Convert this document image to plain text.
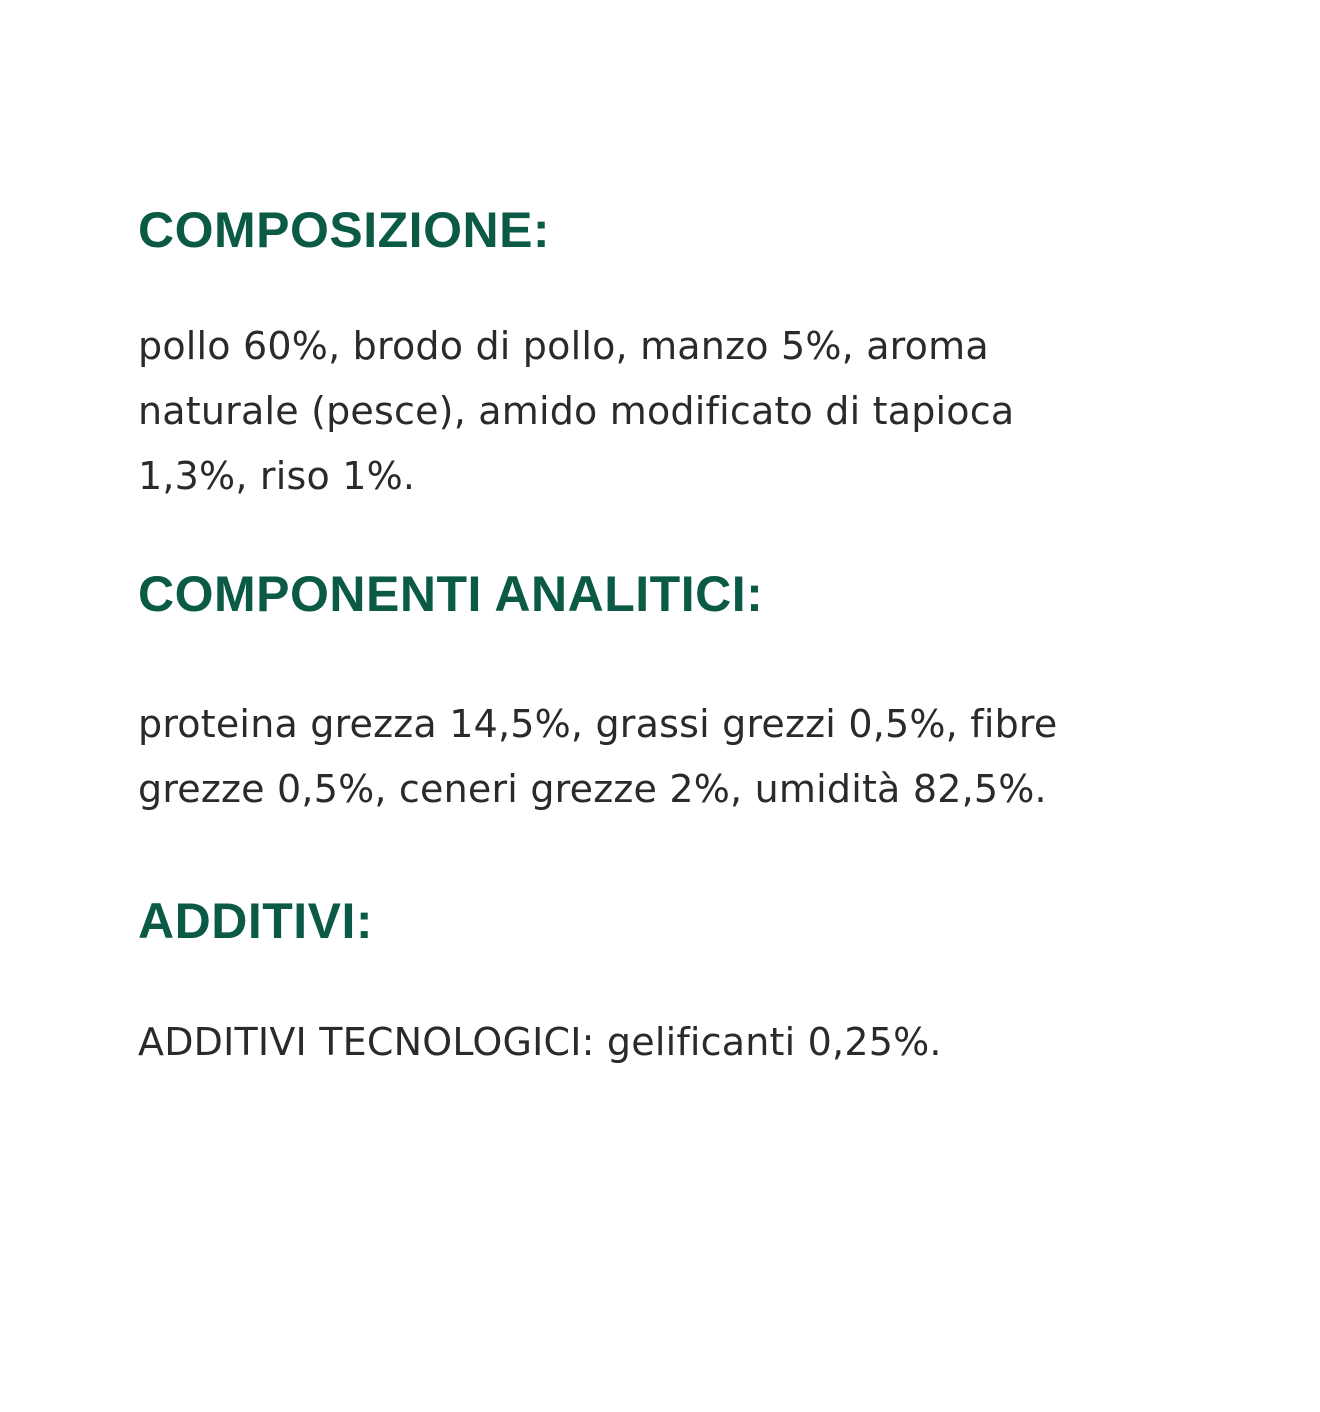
COMPOSIZIONE:

pollo 60%, brodo di pollo, manzo 5%, aroma
naturale (pesce), amido modificato di tapioca
1,3%, riso 1%.

COMPONENTI ANALITICI:

proteina grezza 14,5%, grassi grezzi 0,5%, fibre
grezze 0,5%, ceneri grezze 2%, umidità 82,5%.

ADDITIVI:

ADDITIVI TECNOLOGICI: gelificanti 0,25%.
